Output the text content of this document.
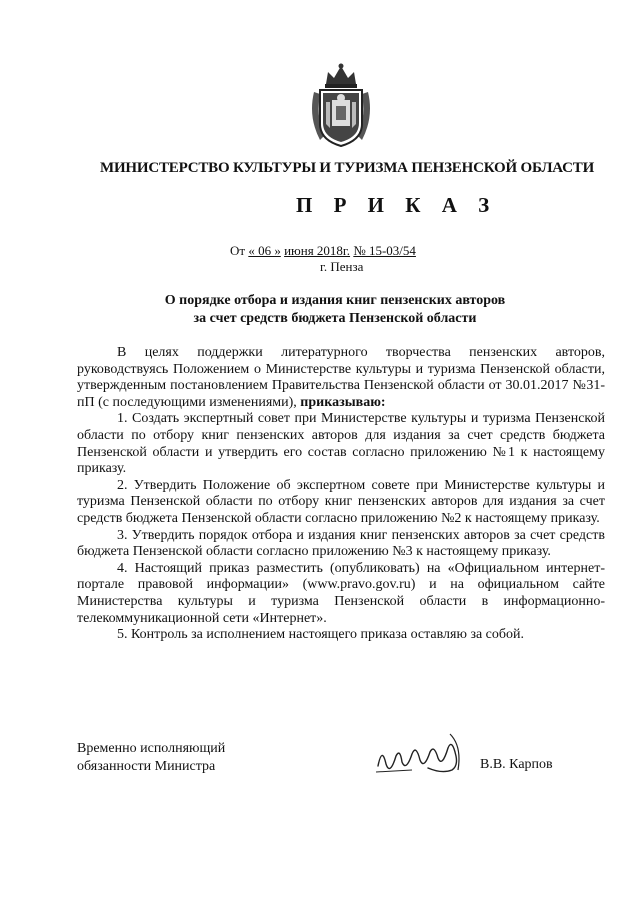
МИНИСТЕРСТВО КУЛЬТУРЫ И ТУРИЗМА ПЕНЗЕНСКОЙ ОБЛАСТИ
П Р И К А З
От « 06 » июня 2018г. № 15-03/54
г. Пенза
О порядке отбора и издания книг пензенских авторов
за счет средств бюджета Пензенской области

В целях поддержки литературного творчества пензенских авторов, руководствуясь Положением о Министерстве культуры и туризма Пензенской области, утвержденным постановлением Правительства Пензенской области от 30.01.2017 №31-пП (с последующими изменениями), приказываю:

1. Создать экспертный совет при Министерстве культуры и туризма Пензенской области по отбору книг пензенских авторов для издания за счет средств бюджета Пензенской области и утвердить его состав согласно приложению №1 к настоящему приказу.

2. Утвердить Положение об экспертном совете при Министерстве культуры и туризма Пензенской области по отбору книг пензенских авторов для издания за счет средств бюджета Пензенской области согласно приложению №2 к настоящему приказу.

3. Утвердить порядок отбора и издания книг пензенских авторов за счет средств бюджета Пензенской области согласно приложению №3 к настоящему приказу.

4. Настоящий приказ разместить (опубликовать) на «Официальном интернет-портале правовой информации» (www.pravo.gov.ru) и на официальном сайте Министерства культуры и туризма Пензенской области в информационно-телекоммуникационной сети «Интернет».

5. Контроль за исполнением настоящего приказа оставляю за собой.

Временно исполняющий
обязанности Министра	В.В. Карпов
